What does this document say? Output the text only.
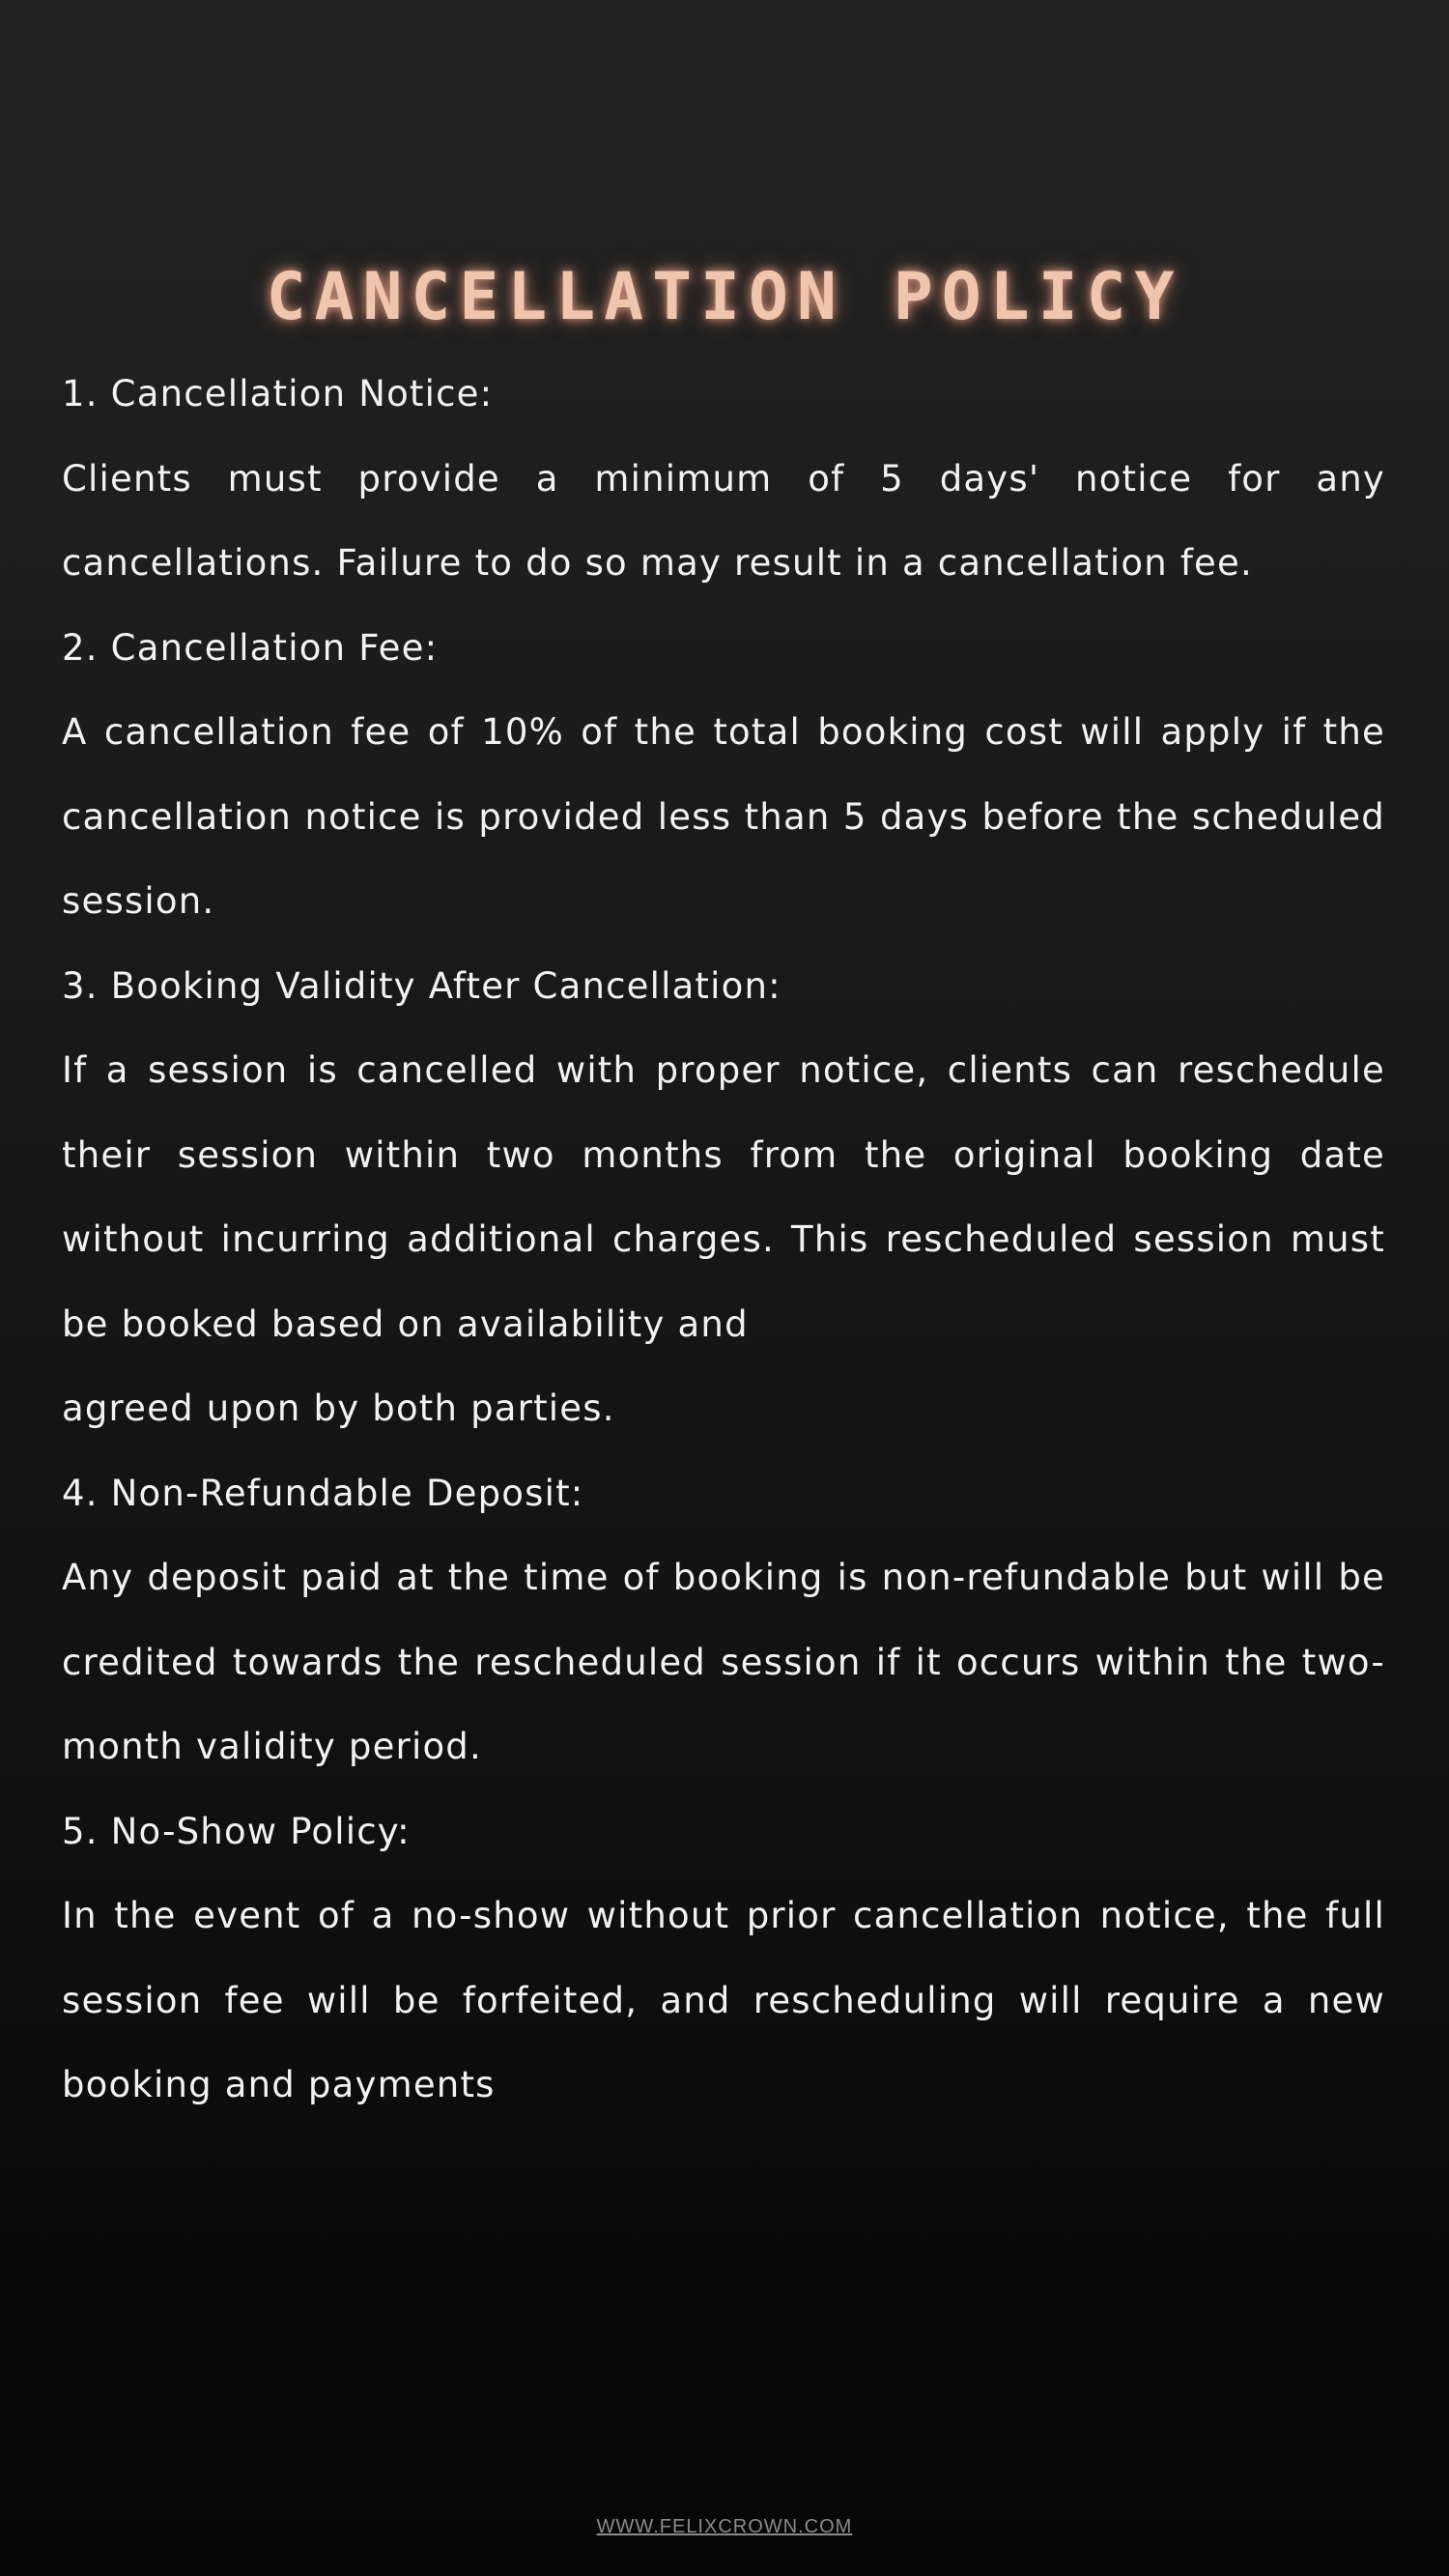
CANCELLATION POLICY
1. Cancellation Notice:

Clients must provide a minimum of 5 days' notice for any cancellations. Failure to do so may result in a cancellation fee.

2. Cancellation Fee:

A cancellation fee of 10% of the total booking cost will apply if the cancellation notice is provided less than 5 days before the scheduled session.

3. Booking Validity After Cancellation:

If a session is cancelled with proper notice, clients can reschedule their session within two months from the original booking date without incurring additional charges. This rescheduled session must be booked based on availability and

agreed upon by both parties.

4. Non-Refundable Deposit:

Any deposit paid at the time of booking is non-refundable but will be credited towards the rescheduled session if it occurs within the two-month validity period.

5. No-Show Policy:

In the event of a no-show without prior cancellation notice, the full session fee will be forfeited, and rescheduling will require a new booking and payments

WWW.FELIXCROWN.COM
